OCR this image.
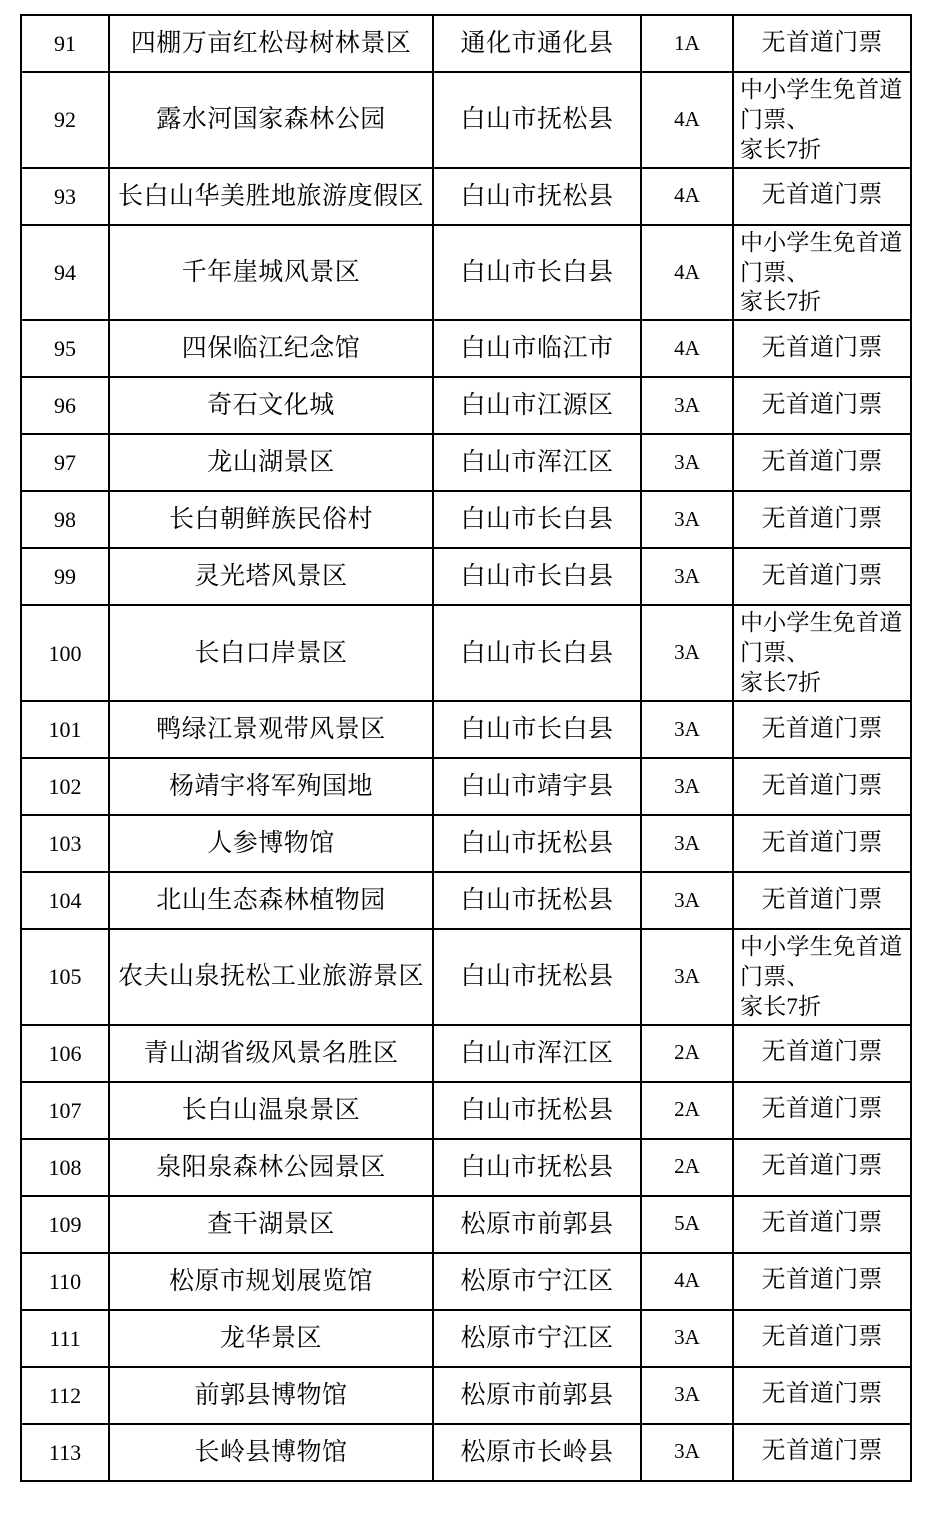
91	四棚万亩红松母树林景区	通化市通化县	1A	无首道门票
92	露水河国家森林公园	白山市抚松县	4A	中小学生免首道门票、
家长7折

93	长白山华美胜地旅游度假区	白山市抚松县	4A	无首道门票
94	千年崖城风景区	白山市长白县	4A	中小学生免首道门票、
家长7折

95	四保临江纪念馆	白山市临江市	4A	无首道门票
96	奇石文化城	白山市江源区	3A	无首道门票
97	龙山湖景区	白山市浑江区	3A	无首道门票
98	长白朝鲜族民俗村	白山市长白县	3A	无首道门票
99	灵光塔风景区	白山市长白县	3A	无首道门票
100	长白口岸景区	白山市长白县	3A	中小学生免首道门票、
家长7折

101	鸭绿江景观带风景区	白山市长白县	3A	无首道门票
102	杨靖宇将军殉国地	白山市靖宇县	3A	无首道门票
103	人参博物馆	白山市抚松县	3A	无首道门票
104	北山生态森林植物园	白山市抚松县	3A	无首道门票
105	农夫山泉抚松工业旅游景区	白山市抚松县	3A	中小学生免首道门票、
家长7折

106	青山湖省级风景名胜区	白山市浑江区	2A	无首道门票
107	长白山温泉景区	白山市抚松县	2A	无首道门票
108	泉阳泉森林公园景区	白山市抚松县	2A	无首道门票
109	查干湖景区	松原市前郭县	5A	无首道门票
110	松原市规划展览馆	松原市宁江区	4A	无首道门票
111	龙华景区	松原市宁江区	3A	无首道门票
112	前郭县博物馆	松原市前郭县	3A	无首道门票
113	长岭县博物馆	松原市长岭县	3A	无首道门票
